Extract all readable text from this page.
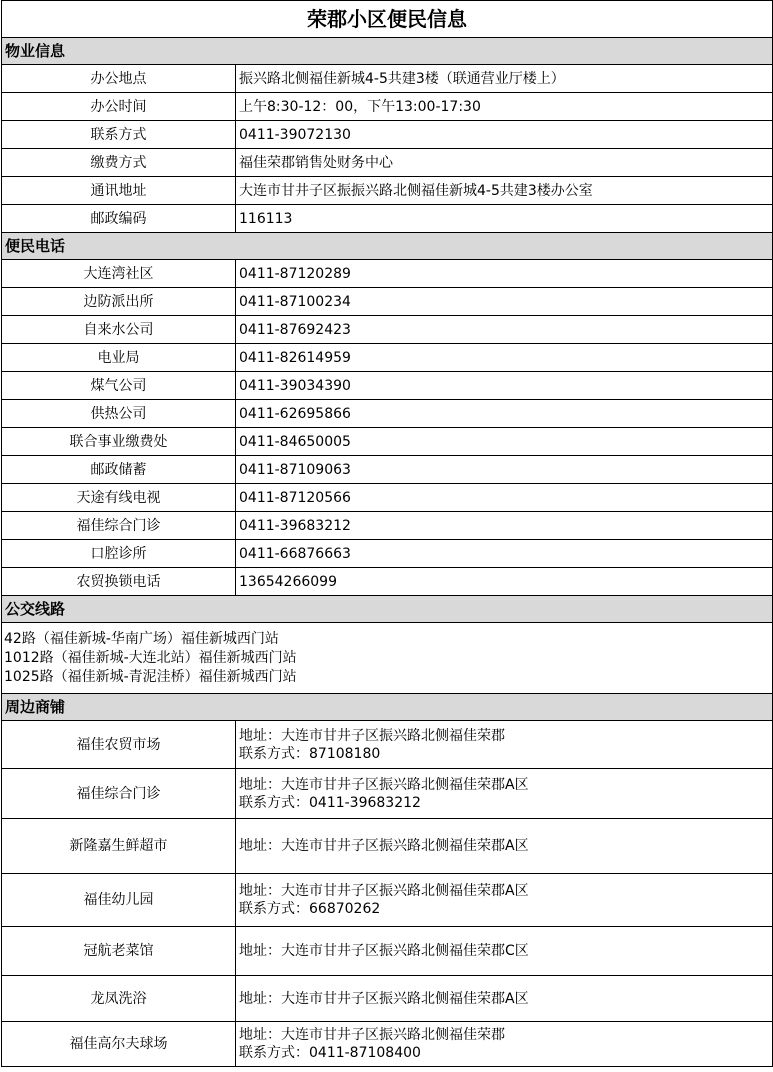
荣郡小区便民信息	
物业信息	
办公地点	振兴路北侧福佳新城4-5共建3楼（联通营业厅楼上）
办公时间	上午8:30-12：00，下午13:00-17:30
联系方式	0411-39072130
缴费方式	福佳荣郡销售处财务中心
通讯地址	大连市甘井子区振振兴路北侧福佳新城4-5共建3楼办公室
邮政编码	116113
便民电话	
大连湾社区	0411-87120289
边防派出所	0411-87100234
自来水公司	0411-87692423
电业局	0411-82614959
煤气公司	0411-39034390
供热公司	0411-62695866
联合事业缴费处	0411-84650005
邮政储蓄	0411-87109063
天途有线电视	0411-87120566
福佳综合门诊	0411-39683212
口腔诊所	0411-66876663
农贸换锁电话	13654266099
公交线路	

42路（福佳新城-华南广场）福佳新城西门站
1012路（福佳新城-大连北站）福佳新城西门站
1025路（福佳新城-青泥洼桥）福佳新城西门站	

周边商铺	
福佳农贸市场	地址：大连市甘井子区振兴路北侧福佳荣郡
联系方式：87108180

福佳综合门诊	地址：大连市甘井子区振兴路北侧福佳荣郡A区
联系方式：0411-39683212

新隆嘉生鲜超市	地址：大连市甘井子区振兴路北侧福佳荣郡A区

福佳幼儿园	地址：大连市甘井子区振兴路北侧福佳荣郡A区
联系方式：66870262

冠航老菜馆	地址：大连市甘井子区振兴路北侧福佳荣郡C区

龙凤洗浴	地址：大连市甘井子区振兴路北侧福佳荣郡A区

福佳高尔夫球场	地址：大连市甘井子区振兴路北侧福佳荣郡
联系方式：0411-87108400
